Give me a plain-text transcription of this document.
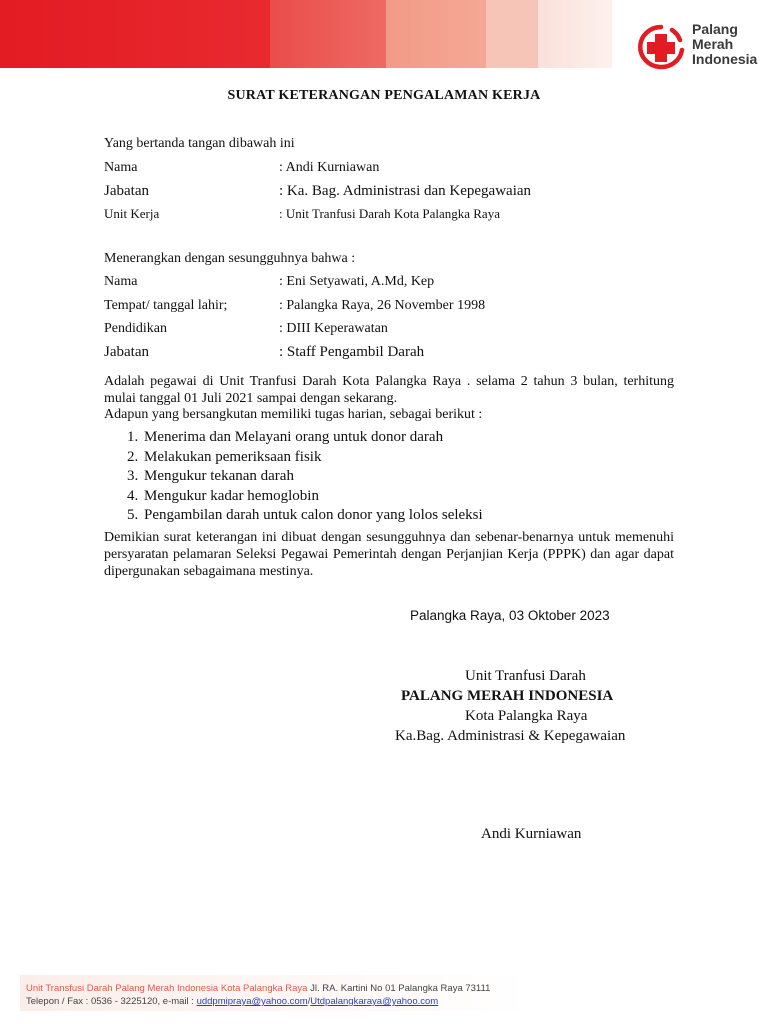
Palang
Merah
Indonesia
SURAT KETERANGAN PENGALAMAN KERJA
Yang bertanda tangan dibawah ini
Nama	: Andi Kurniawan
Jabatan	: Ka. Bag. Administrasi dan Kepegawaian
Unit Kerja	: Unit Tranfusi Darah Kota Palangka Raya
Menerangkan dengan sesungguhnya bahwa :
Nama	: Eni Setyawati, A.Md, Kep
Tempat/ tanggal lahir;	: Palangka Raya, 26 November 1998
Pendidikan	: DIII Keperawatan
Jabatan	: Staff Pengambil Darah
Adalah pegawai di Unit Tranfusi Darah Kota Palangka Raya . selama 2 tahun 3 bulan, terhitung mulai tanggal 01 Juli 2021 sampai dengan sekarang.
Adapun yang bersangkutan memiliki tugas harian, sebagai berikut :
1. Menerima dan Melayani orang untuk donor darah
2. Melakukan pemeriksaan fisik
3. Mengukur tekanan darah
4. Mengukur kadar hemoglobin
5. Pengambilan darah untuk calon donor yang lolos seleksi
Demikian surat keterangan ini dibuat dengan sesungguhnya dan sebenar-benarnya untuk memenuhi persyaratan pelamaran Seleksi Pegawai Pemerintah dengan Perjanjian Kerja (PPPK) dan agar dapat dipergunakan sebagaimana mestinya.
Palangka Raya, 03 Oktober 2023
Unit Tranfusi Darah
PALANG MERAH INDONESIA
Kota Palangka Raya
Ka.Bag. Administrasi & Kepegawaian
Andi Kurniawan
Unit Transfusi Darah Palang Merah Indonesia Kota Palangka Raya Jl. RA. Kartini No 01 Palangka Raya 73111
Telepon / Fax : 0536 - 3225120, e-mail : uddpmipraya@yahoo.com/Utdpalangkaraya@yahoo.com
